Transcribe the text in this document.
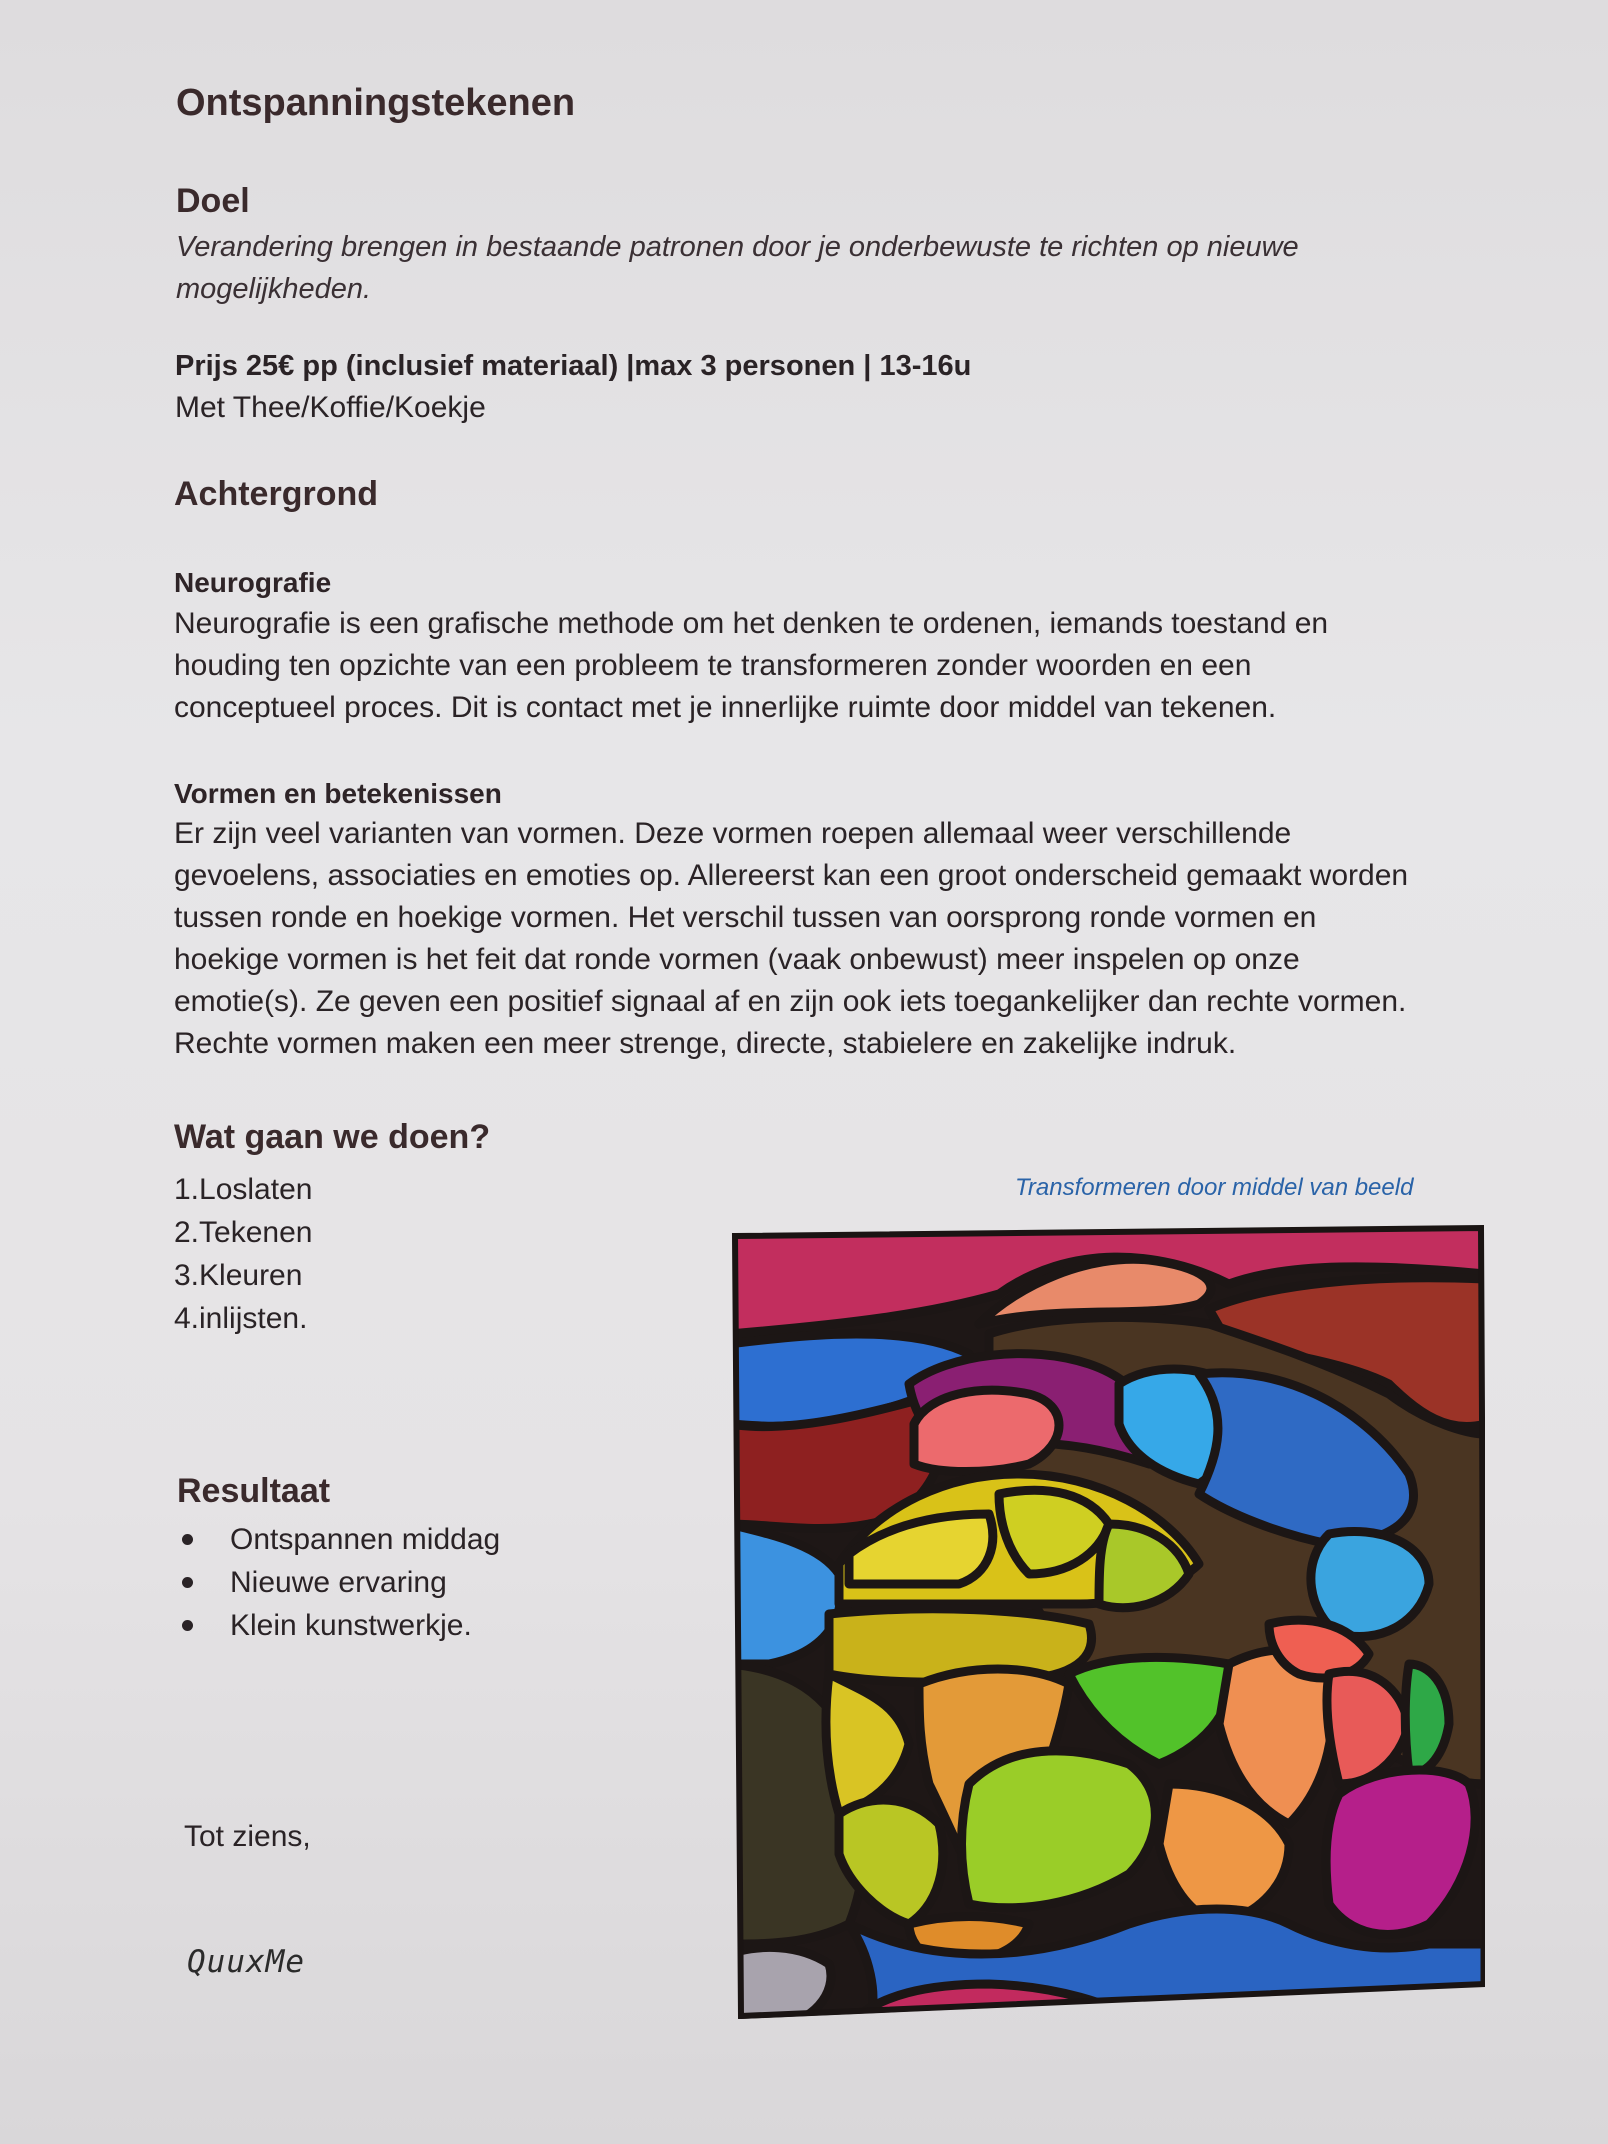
Ontspanningstekenen
Doel
Verandering brengen in bestaande patronen door je onderbewuste te richten op nieuwe
mogelijkheden.
Prijs 25€ pp (inclusief materiaal) |max 3 personen | 13-16u
Met Thee/Koffie/Koekje
Achtergrond
Neurografie
Neurografie is een grafische methode om het denken te ordenen, iemands toestand en
houding ten opzichte van een probleem te transformeren zonder woorden en een
conceptueel proces. Dit is contact met je innerlijke ruimte door middel van tekenen.
Vormen en betekenissen
Er zijn veel varianten van vormen. Deze vormen roepen allemaal weer verschillende
gevoelens, associaties en emoties op. Allereerst kan een groot onderscheid gemaakt worden
tussen ronde en hoekige vormen. Het verschil tussen van oorsprong ronde vormen en
hoekige vormen is het feit dat ronde vormen (vaak onbewust) meer inspelen op onze
emotie(s). Ze geven een positief signaal af en zijn ook iets toegankelijker dan rechte vormen.
Rechte vormen maken een meer strenge, directe, stabielere en zakelijke indruk.
Wat gaan we doen?
1.Loslaten
2.Tekenen
3.Kleuren
4.inlijsten.
Resultaat
Ontspannen middag
Nieuwe ervaring
Klein kunstwerkje.
Tot ziens,
QuuxMe
Transformeren door middel van beeld
